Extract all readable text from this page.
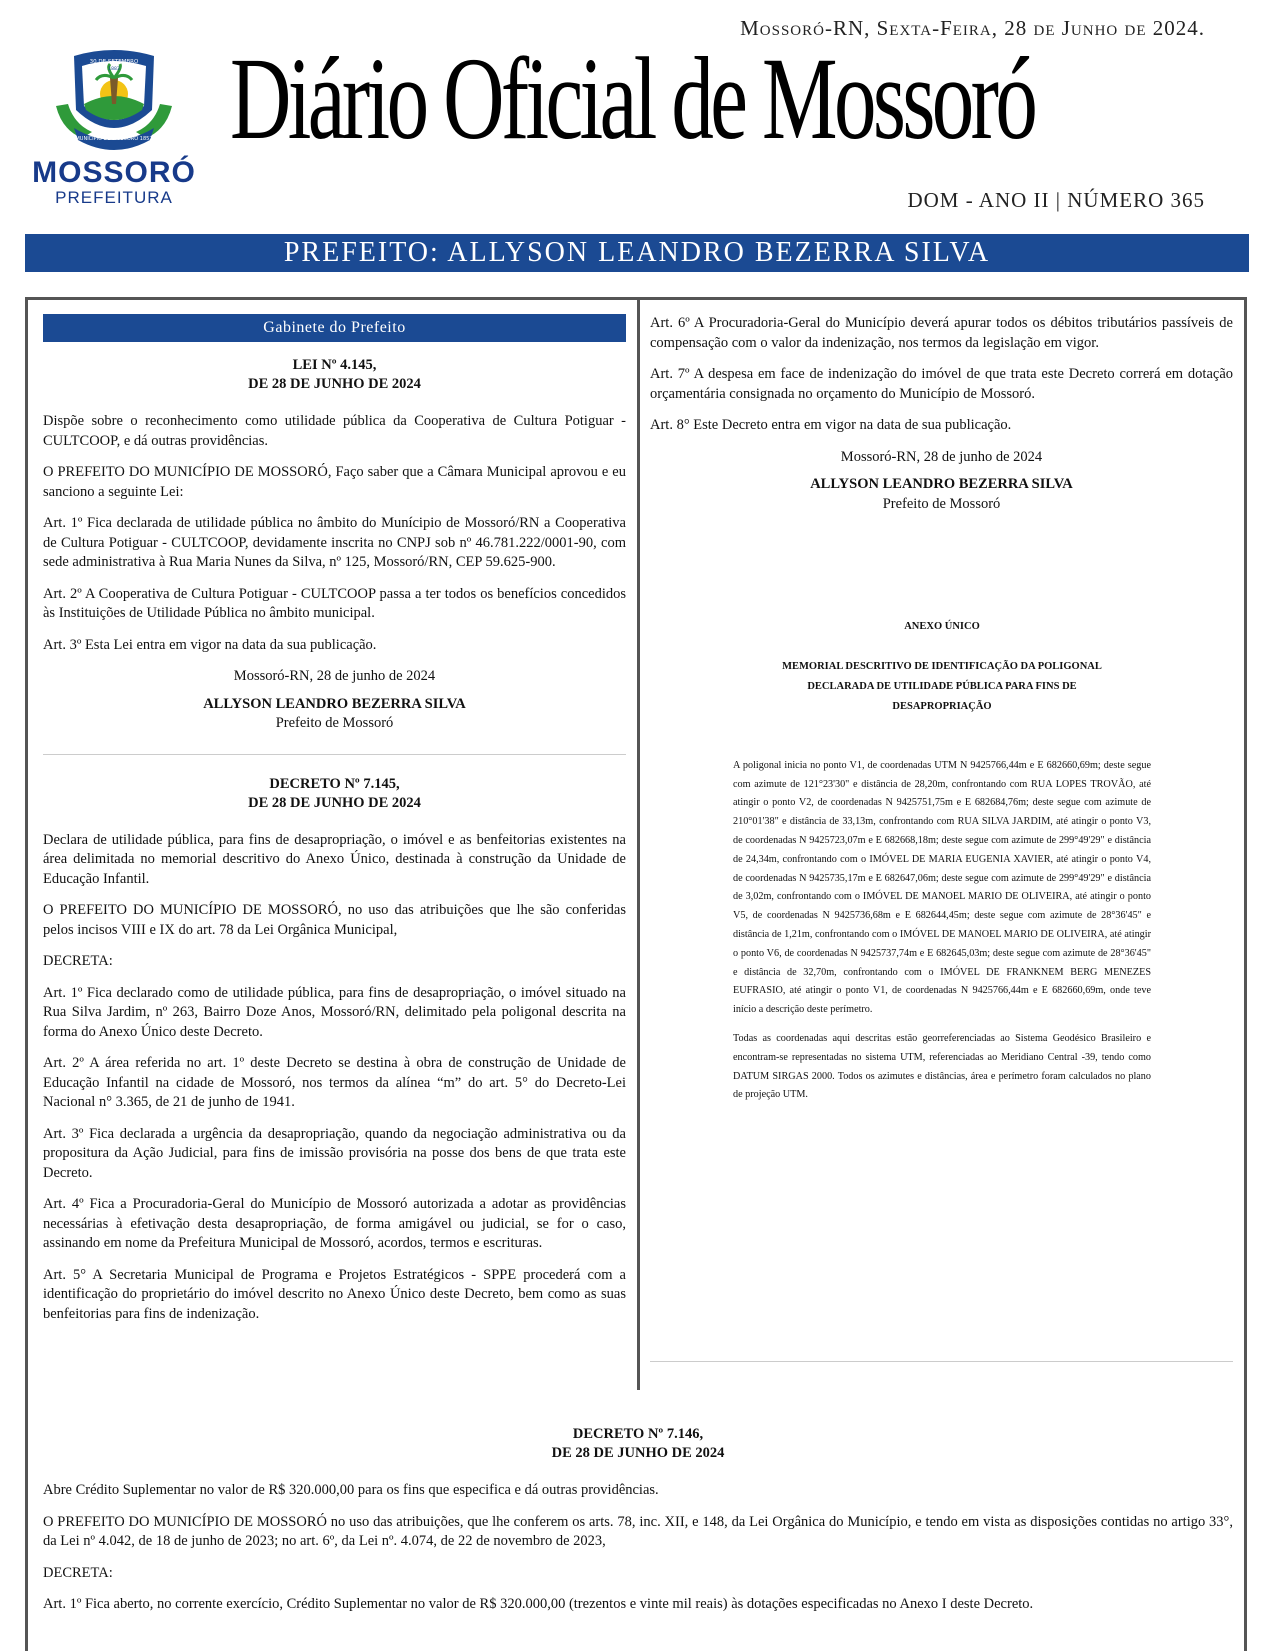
30 DE SETEMBRO
1883
MUNICÍPIO DE MOSSORÓ 1852
MOSSORÓ
PREFEITURA
Mossoró-RN, Sexta-Feira, 28 de Junho de 2024.
Diário Oficial de Mossoró
DOM - ANO II | NÚMERO 365
PREFEITO: ALLYSON LEANDRO BEZERRA SILVA
Gabinete do Prefeito
LEI Nº 4.145,
DE 28 DE JUNHO DE 2024

Dispõe sobre o reconhecimento como utilidade pública da Cooperativa de Cultura Potiguar - CULTCOOP, e dá outras providências.

O PREFEITO DO MUNICÍPIO DE MOSSORÓ, Faço saber que a Câmara Municipal aprovou e eu sanciono a seguinte Lei:

Art. 1º Fica declarada de utilidade pública no âmbito do Munícipio de Mossoró/RN a Cooperativa de Cultura Potiguar - CULTCOOP, devidamente inscrita no CNPJ sob nº 46.781.222/0001-90, com sede administrativa à Rua Maria Nunes da Silva, nº 125, Mossoró/RN, CEP 59.625-900.

Art. 2º A Cooperativa de Cultura Potiguar - CULTCOOP passa a ter todos os benefícios concedidos às Instituições de Utilidade Pública no âmbito municipal.

Art. 3º Esta Lei entra em vigor na data da sua publicação.

Mossoró-RN, 28 de junho de 2024

ALLYSON LEANDRO BEZERRA SILVA

Prefeito de Mossoró

DECRETO Nº 7.145,
DE 28 DE JUNHO DE 2024

Declara de utilidade pública, para fins de desapropriação, o imóvel e as benfeitorias existentes na área delimitada no memorial descritivo do Anexo Único, destinada à construção da Unidade de Educação Infantil.

O PREFEITO DO MUNICÍPIO DE MOSSORÓ, no uso das atribuições que lhe são conferidas pelos incisos VIII e IX do art. 78 da Lei Orgânica Municipal,

DECRETA:

Art. 1º Fica declarado como de utilidade pública, para fins de desapropriação, o imóvel situado na Rua Silva Jardim, nº 263, Bairro Doze Anos, Mossoró/RN, delimitado pela poligonal descrita na forma do Anexo Único deste Decreto.

Art. 2º A área referida no art. 1º deste Decreto se destina à obra de construção de Unidade de Educação Infantil na cidade de Mossoró, nos termos da alínea “m” do art. 5° do Decreto-Lei Nacional n° 3.365, de 21 de junho de 1941.

Art. 3º Fica declarada a urgência da desapropriação, quando da negociação administrativa ou da propositura da Ação Judicial, para fins de imissão provisória na posse dos bens de que trata este Decreto.

Art. 4º Fica a Procuradoria-Geral do Município de Mossoró autorizada a adotar as providências necessárias à efetivação desta desapropriação, de forma amigável ou judicial, se for o caso, assinando em nome da Prefeitura Municipal de Mossoró, acordos, termos e escrituras.

Art. 5° A Secretaria Municipal de Programa e Projetos Estratégicos - SPPE procederá com a identificação do proprietário do imóvel descrito no Anexo Único deste Decreto, bem como as suas benfeitorias para fins de indenização.

Art. 6º A Procuradoria-Geral do Município deverá apurar todos os débitos tributários passíveis de compensação com o valor da indenização, nos termos da legislação em vigor.

Art. 7º A despesa em face de indenização do imóvel de que trata este Decreto correrá em dotação orçamentária consignada no orçamento do Município de Mossoró.

Art. 8° Este Decreto entra em vigor na data de sua publicação.

Mossoró-RN, 28 de junho de 2024

ALLYSON LEANDRO BEZERRA SILVA

Prefeito de Mossoró

ANEXO ÚNICO
MEMORIAL DESCRITIVO DE IDENTIFICAÇÃO DA POLIGONAL
DECLARADA DE UTILIDADE PÚBLICA PARA FINS DE
DESAPROPRIAÇÃO

A poligonal inicia no ponto V1, de coordenadas UTM N 9425766,44m e E 682660,69m; deste segue com azimute de 121°23'30" e distância de 28,20m, confrontando com RUA LOPES TROVÃO, até atingir o ponto V2, de coordenadas N 9425751,75m e E 682684,76m; deste segue com azimute de 210°01'38" e distância de 33,13m, confrontando com RUA SILVA JARDIM, até atingir o ponto V3, de coordenadas N 9425723,07m e E 682668,18m; deste segue com azimute de 299°49'29" e distância de 24,34m, confrontando com o IMÓVEL DE MARIA EUGENIA XAVIER, até atingir o ponto V4, de coordenadas N 9425735,17m e E 682647,06m; deste segue com azimute de 299°49'29" e distância de 3,02m, confrontando com o IMÓVEL DE MANOEL MARIO DE OLIVEIRA, até atingir o ponto V5, de coordenadas N 9425736,68m e E 682644,45m; deste segue com azimute de 28°36'45" e distância de 1,21m, confrontando com o IMÓVEL DE MANOEL MARIO DE OLIVEIRA, até atingir o ponto V6, de coordenadas N 9425737,74m e E 682645,03m; deste segue com azimute de 28°36'45" e distância de 32,70m, confrontando com o IMÓVEL DE FRANKNEM BERG MENEZES EUFRASIO, até atingir o ponto V1, de coordenadas N 9425766,44m e E 682660,69m, onde teve início a descrição deste perímetro.

Todas as coordenadas aqui descritas estão georreferenciadas ao Sistema Geodésico Brasileiro e encontram-se representadas no sistema UTM, referenciadas ao Meridiano Central -39, tendo como DATUM SIRGAS 2000. Todos os azimutes e distâncias, área e perímetro foram calculados no plano de projeção UTM.

DECRETO Nº 7.146,
DE 28 DE JUNHO DE 2024

Abre Crédito Suplementar no valor de R$ 320.000,00 para os fins que especifica e dá outras providências.

O PREFEITO DO MUNICÍPIO DE MOSSORÓ no uso das atribuições, que lhe conferem os arts. 78, inc. XII, e 148, da Lei Orgânica do Município, e tendo em vista as disposições contidas no artigo 33°, da Lei nº 4.042, de 18 de junho de 2023; no art. 6º, da Lei nº. 4.074, de 22 de novembro de 2023,

DECRETA:

Art. 1º Fica aberto, no corrente exercício, Crédito Suplementar no valor de R$ 320.000,00 (trezentos e vinte mil reais) às dotações especificadas no Anexo I deste Decreto.
